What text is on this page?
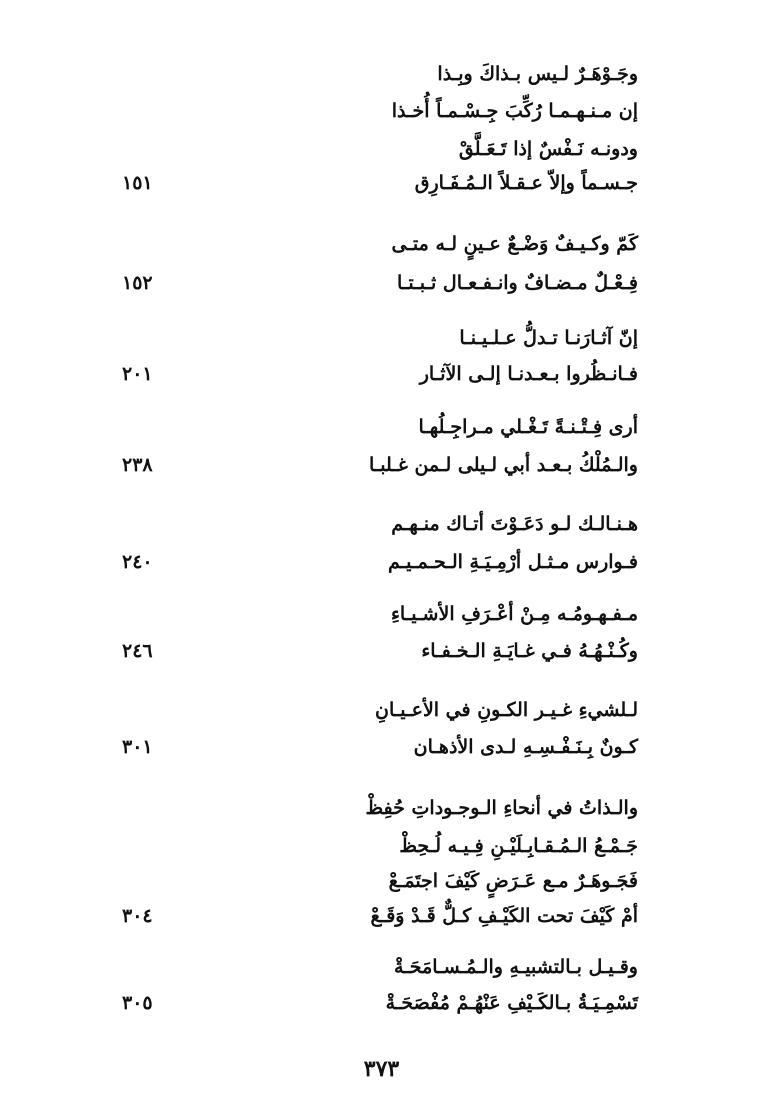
وجَـوْهَـرٌ لـيس بـذاكَ وبِـذا
إن مـنـهـمـا رُكِّبَ جِـسْـمـاً أُخـذا
ودونـه نَـفْسٌ إذا تَـعَـلَّقْ
جـسـماً وإلاّ عـقـلاً الـمُـفَـارِق
١٥١
كَمّ وكـيـفٌ وَضْـعٌ عـينٍ لـه متـى
فِـعْـلٌ مـضـافٌ وانـفـعـال ثـبـتـا
١٥٢
إنّ آثـارَنـا تـدلُّ عـلـيـنـا
فـانـظُروا بـعـدنـا إلـى الآثـار
٢٠١
أرى فِـتْـنـةً تَـغْـلي مـراجِـلُهـا
والـمُلْكُ بـعـد أبي لـيلى لـمن غـلبـا
٢٣٨
هـنـالـك لـو دَعَـوْتَ أتـاك منـهـم
فـوارس مـثـل أرْمِـيَـةِ الـحـمـيـم
٢٤٠
مـفـهـومُـه مِـنْ أعْـرَفِ الأشـيـاءِ
وكُـنْـهُـهُ فـي غـايَـةِ الـخـفـاء
٢٤٦
لـلشيءِ غـيـر الكـونِ في الأعـيـانِ
كـونٌ بِـنَـفْـسِـهِ لـدى الأذهـان
٣٠١
والـذاتُ في أنحاءِ الـوجـوداتِ حُفِظْ
جَـمْـعُ الـمُـقـابِـلَيْـنِ فِـيـه لُـحِظْ
فَجَـوهَـرٌ مـع عَـرَضٍ كَيْفَ اجتَمَـعْ
أمْ كَيْفَ تحت الكَيْـفِ كـلٌّ قَـدْ وَقَـعْ
٣٠٤
وقـيـل بـالتشبيـهِ والـمُـسـامَحَـةْ
تَسْمِـيَـةُ بـالكَـيْفِ عَنْهُـمْ مُفْصَحَـةْ
٣٠٥
٣٧٣
